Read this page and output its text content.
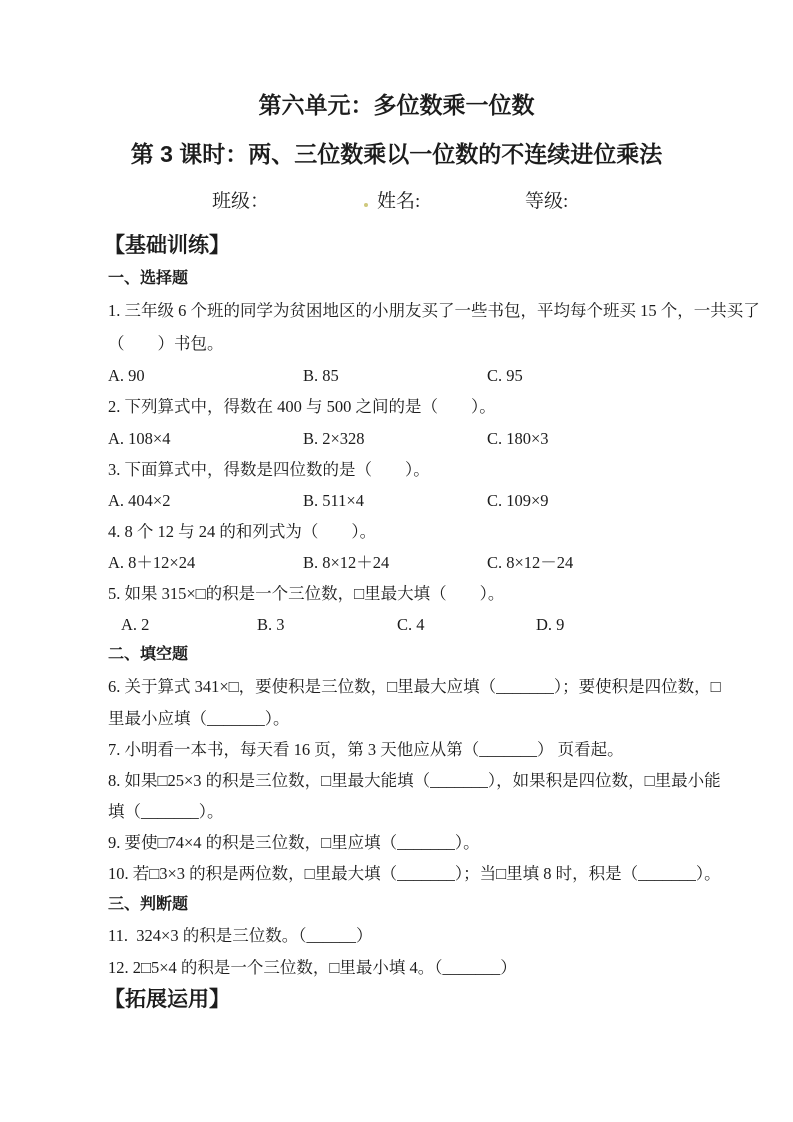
第六单元：多位数乘一位数
第 3 课时：两、三位数乘以一位数的不连续进位乘法
班级：	姓名:	等级:
【基础训练】
一、选择题
1. 三年级 6 个班的同学为贫困地区的小朋友买了一些书包，平均每个班买 15 个，一共买了
（　　）书包。
A. 90	B. 85	C. 95
2. 下列算式中，得数在 400 与 500 之间的是（　　）。
A. 108×4	B. 2×328	C. 180×3
3. 下面算式中，得数是四位数的是（　　）。
A. 404×2	B. 511×4	C. 109×9
4. 8 个 12 与 24 的和列式为（　　）。
A. 8＋12×24	B. 8×12＋24	C. 8×12－24
5. 如果 315×□的积是一个三位数，□里最大填（　　）。
A. 2	B. 3	C. 4	D. 9
二、填空题
6. 关于算式 341×□，要使积是三位数，□里最大应填（_______）；要使积是四位数，□
里最小应填（_______）。
7. 小明看一本书，每天看 16 页，第 3 天他应从第（_______） 页看起。
8. 如果□25×3 的积是三位数，□里最大能填（_______），如果积是四位数，□里最小能
填（_______）。
9. 要使□74×4 的积是三位数，□里应填（_______）。
10. 若□3×3 的积是两位数，□里最大填（_______）；当□里填 8 时，积是（_______）。
三、判断题
11.  324×3 的积是三位数。（______）
12. 2□5×4 的积是一个三位数，□里最小填 4。（_______）
【拓展运用】
